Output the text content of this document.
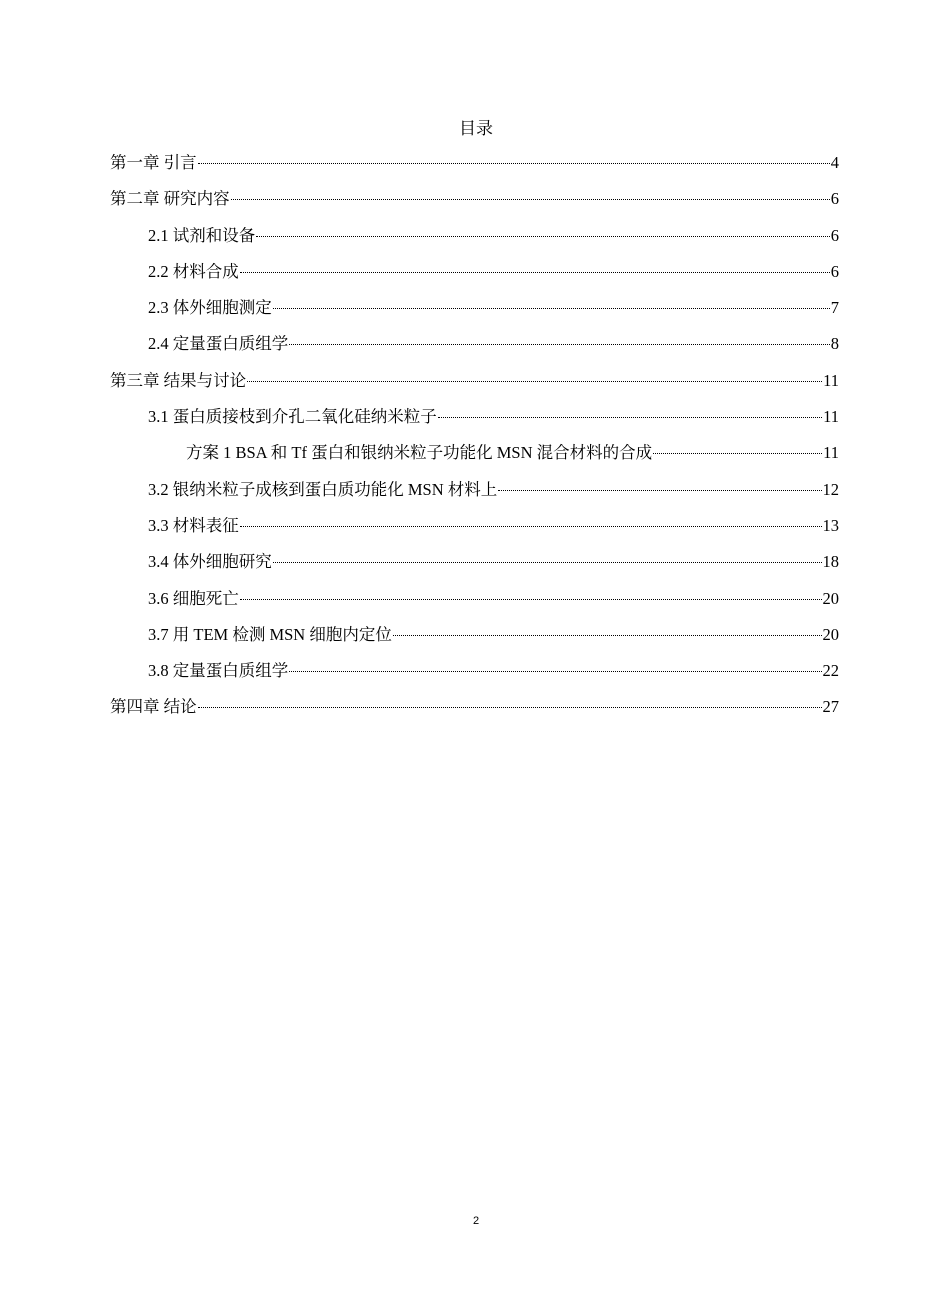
目录
第一章 引言	4
第二章 研究内容	6
2.1 试剂和设备	6
2.2 材料合成	6
2.3 体外细胞测定	7
2.4 定量蛋白质组学	8
第三章 结果与讨论	11
3.1 蛋白质接枝到介孔二氧化硅纳米粒子	11
方案 1 BSA 和 Tf 蛋白和银纳米粒子功能化 MSN 混合材料的合成	11
3.2 银纳米粒子成核到蛋白质功能化 MSN 材料上	12
3.3 材料表征	13
3.4 体外细胞研究	18
3.6 细胞死亡	20
3.7 用 TEM 检测 MSN 细胞内定位	20
3.8 定量蛋白质组学	22
第四章 结论	27
2
